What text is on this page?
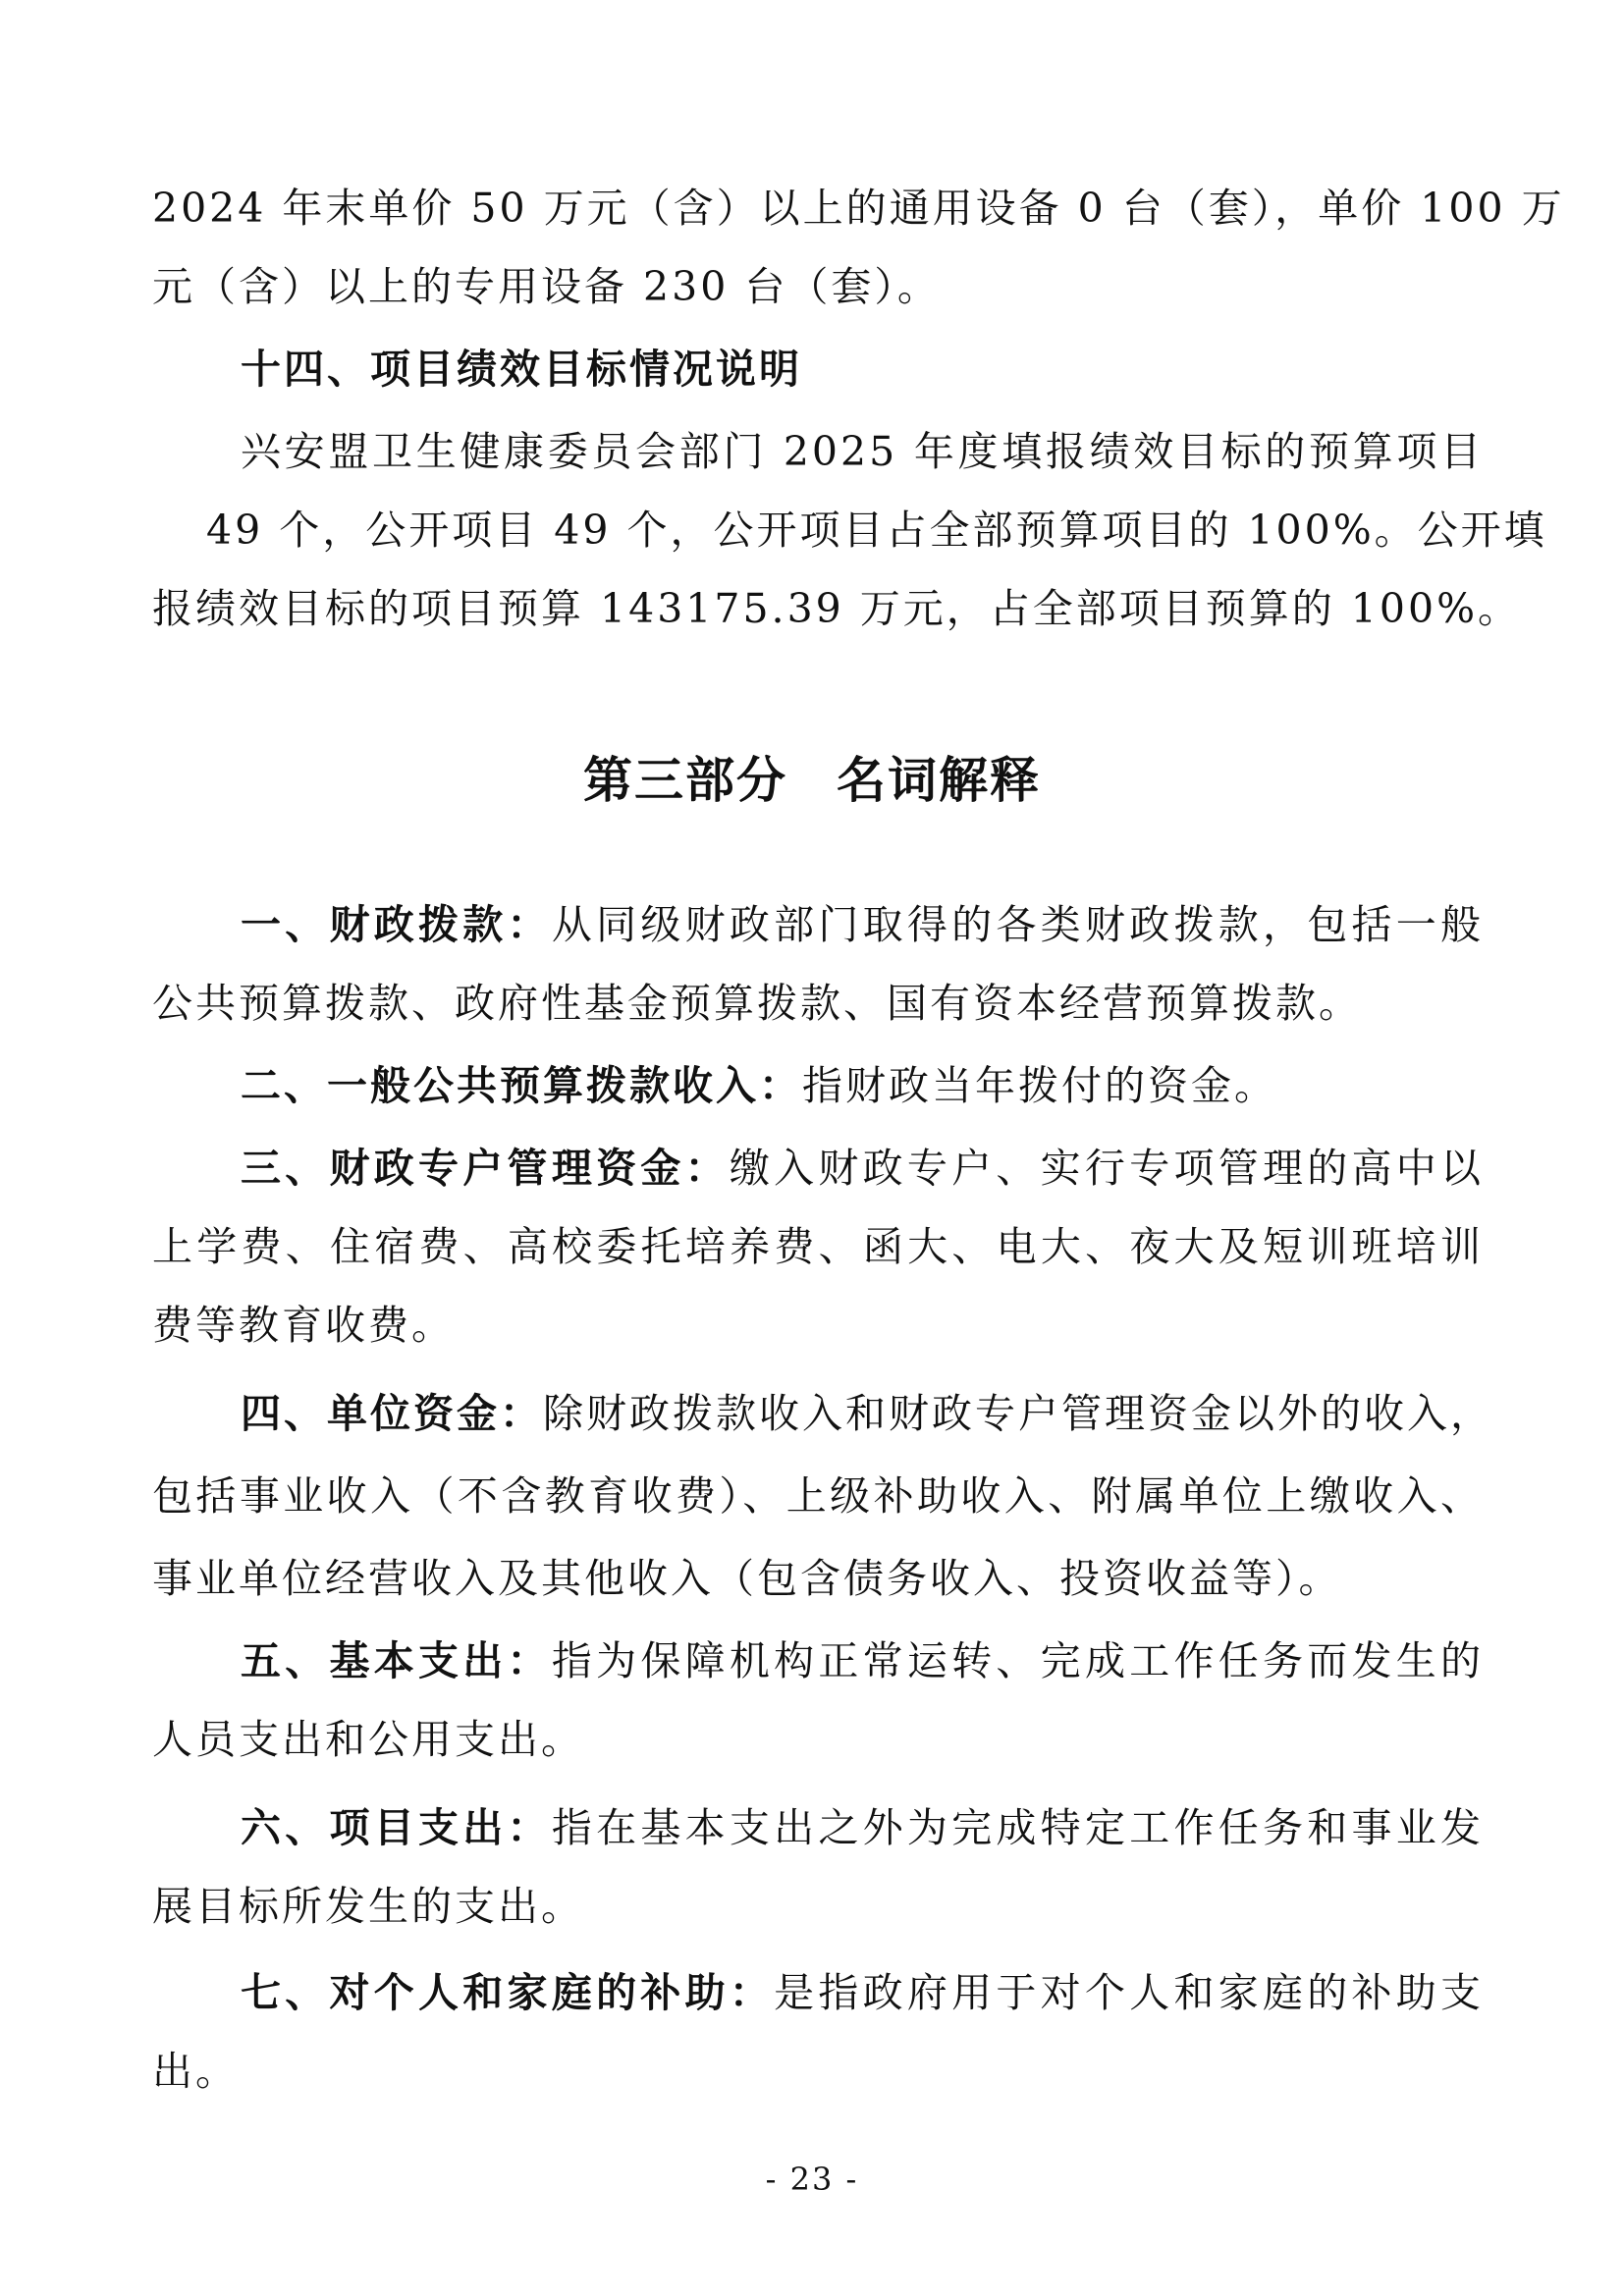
2024 年末单价 50 万元（含）以上的通用设备 0 台（套），单价 100 万
元（含）以上的专用设备 230 台（套）。
十四、项目绩效目标情况说明
兴安盟卫生健康委员会部门 2025 年度填报绩效目标的预算项目
49 个，公开项目 49 个，公开项目占全部预算项目的 100%。公开填
报绩效目标的项目预算 143175.39 万元，占全部项目预算的 100%。
第三部分 名词解释
一、财政拨款：从同级财政部门取得的各类财政拨款，包括一般
公共预算拨款、政府性基金预算拨款、国有资本经营预算拨款。
二、一般公共预算拨款收入：指财政当年拨付的资金。
三、财政专户管理资金：缴入财政专户、实行专项管理的高中以
上学费、住宿费、高校委托培养费、函大、电大、夜大及短训班培训
费等教育收费。
四、单位资金：除财政拨款收入和财政专户管理资金以外的收入，
包括事业收入（不含教育收费）、上级补助收入、附属单位上缴收入、
事业单位经营收入及其他收入（包含债务收入、投资收益等）。
五、基本支出：指为保障机构正常运转、完成工作任务而发生的
人员支出和公用支出。
六、项目支出：指在基本支出之外为完成特定工作任务和事业发
展目标所发生的支出。
七、对个人和家庭的补助：是指政府用于对个人和家庭的补助支
出。
- 23 -
